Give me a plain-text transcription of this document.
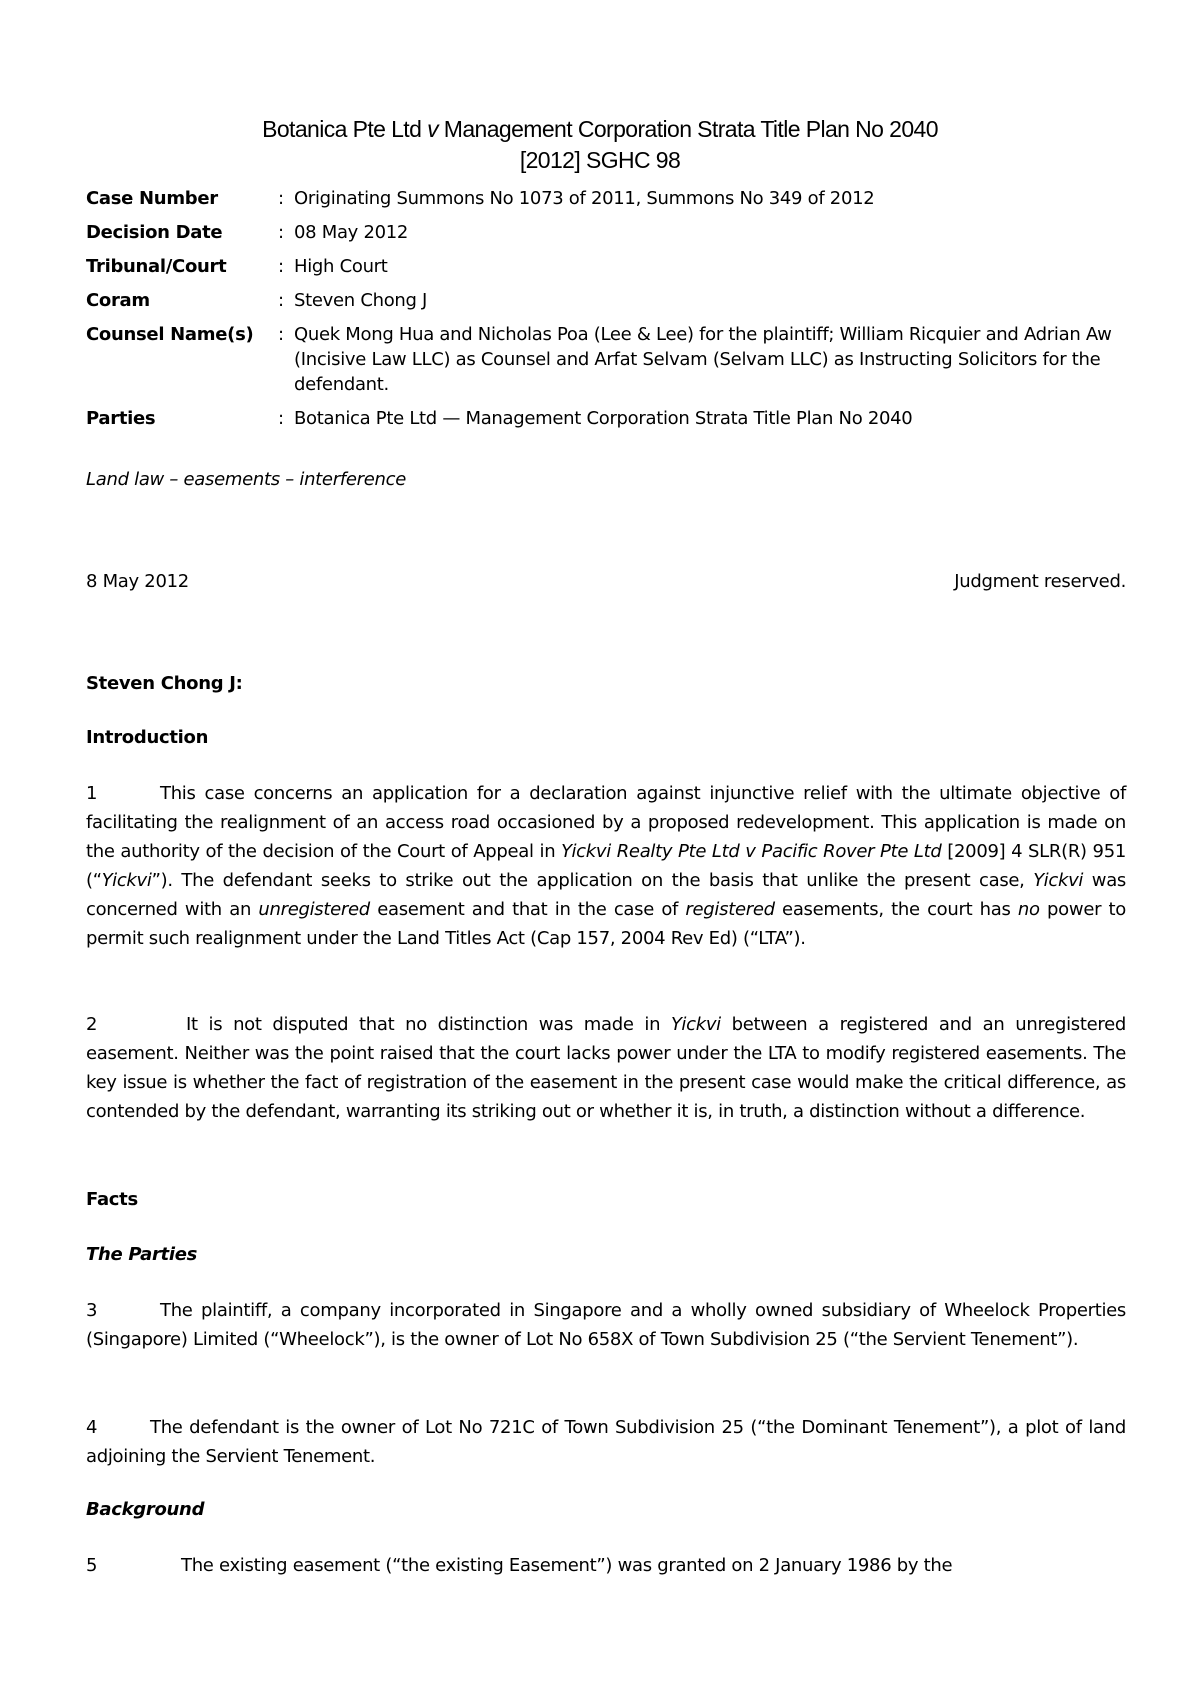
Botanica Pte Ltd v Management Corporation Strata Title Plan No 2040
[2012] SGHC 98
Case Number	: Originating Summons No 1073 of 2011, Summons No 349 of 2012
Decision Date	: 08 May 2012
Tribunal/Court	: High Court
Coram	: Steven Chong J
Counsel Name(s)	: Quek Mong Hua and Nicholas Poa (Lee & Lee) for the plaintiff; William Ricquier and Adrian Aw (Incisive Law LLC) as Counsel and Arfat Selvam (Selvam LLC) as Instructing Solicitors for the defendant.
Parties	: Botanica Pte Ltd — Management Corporation Strata Title Plan No 2040
Land law – easements – interference
8 May 2012	Judgment reserved.
Steven Chong J:
Introduction
1	This case concerns an application for a declaration against injunctive relief with the ultimate objective of facilitating the realignment of an access road occasioned by a proposed redevelopment. This application is made on the authority of the decision of the Court of Appeal in Yickvi Realty Pte Ltd v Pacific Rover Pte Ltd [2009] 4 SLR(R) 951 (“Yickvi”). The defendant seeks to strike out the application on the basis that unlike the present case, Yickvi was concerned with an unregistered easement and that in the case of registered easements, the court has no power to permit such realignment under the Land Titles Act (Cap 157, 2004 Rev Ed) (“LTA”).
2	It is not disputed that no distinction was made in Yickvi between a registered and an unregistered easement. Neither was the point raised that the court lacks power under the LTA to modify registered easements. The key issue is whether the fact of registration of the easement in the present case would make the critical difference, as contended by the defendant, warranting its striking out or whether it is, in truth, a distinction without a difference.
Facts
The Parties
3	The plaintiff, a company incorporated in Singapore and a wholly owned subsidiary of Wheelock Properties (Singapore) Limited (“Wheelock”), is the owner of Lot No 658X of Town Subdivision 25 (“the Servient Tenement”).
4	The defendant is the owner of Lot No 721C of Town Subdivision 25 (“the Dominant Tenement”), a plot of land adjoining the Servient Tenement.
Background
5	The existing easement (“the existing Easement”) was granted on 2 January 1986 by the
